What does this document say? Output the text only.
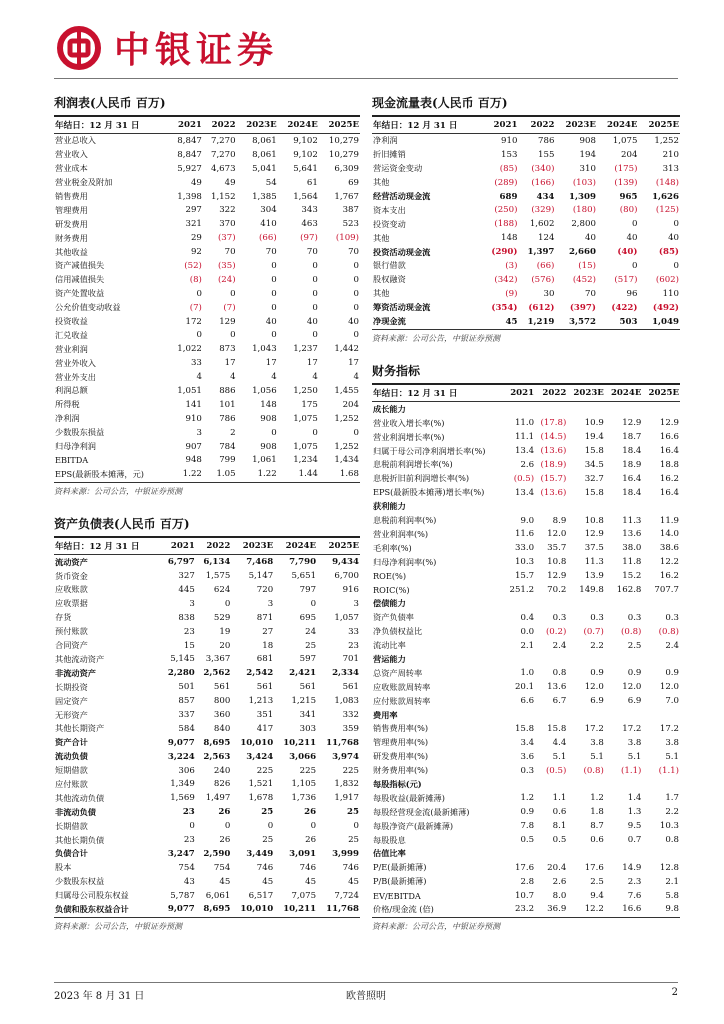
中银证券
利润表(人民币 百万)
年结日：12 月 31 日	2021	2022	2023E	2024E	2025E
营业总收入	8,847	7,270	8,061	9,102	10,279
营业收入	8,847	7,270	8,061	9,102	10,279
营业成本	5,927	4,673	5,041	5,641	6,309
营业税金及附加	49	49	54	61	69
销售费用	1,398	1,152	1,385	1,564	1,767
管理费用	297	322	304	343	387
研发费用	321	370	410	463	523
财务费用	29	(37)	(66)	(97)	(109)
其他收益	92	70	70	70	70
资产减值损失	(52)	(35)	0	0	0
信用减值损失	(8)	(24)	0	0	0
资产处置收益	0	0	0	0	0
公允价值变动收益	(7)	(7)	0	0	0
投资收益	172	129	40	40	40
汇兑收益	0	0	0	0	0
营业利润	1,022	873	1,043	1,237	1,442
营业外收入	33	17	17	17	17
营业外支出	4	4	4	4	4
利润总额	1,051	886	1,056	1,250	1,455
所得税	141	101	148	175	204
净利润	910	786	908	1,075	1,252
少数股东损益	3	2	0	0	0
归母净利润	907	784	908	1,075	1,252
EBITDA	948	799	1,061	1,234	1,434
EPS(最新股本摊薄，元)	1.22	1.05	1.22	1.44	1.68
资料来源：公司公告，中银证券预测
资产负债表(人民币 百万)
年结日：12 月 31 日	2021	2022	2023E	2024E	2025E
流动资产	6,797	6,134	7,468	7,790	9,434
货币资金	327	1,575	5,147	5,651	6,700
应收账款	445	624	720	797	916
应收票据	3	0	3	0	3
存货	838	529	871	695	1,057
预付账款	23	19	27	24	33
合同资产	15	20	18	25	23
其他流动资产	5,145	3,367	681	597	701
非流动资产	2,280	2,562	2,542	2,421	2,334
长期投资	501	561	561	561	561
固定资产	857	800	1,213	1,215	1,083
无形资产	337	360	351	341	332
其他长期资产	584	840	417	303	359
资产合计	9,077	8,695	10,010	10,211	11,768
流动负债	3,224	2,563	3,424	3,066	3,974
短期借款	306	240	225	225	225
应付账款	1,349	826	1,521	1,105	1,832
其他流动负债	1,569	1,497	1,678	1,736	1,917
非流动负债	23	26	25	26	25
长期借款	0	0	0	0	0
其他长期负债	23	26	25	26	25
负债合计	3,247	2,590	3,449	3,091	3,999
股本	754	754	746	746	746
少数股东权益	43	45	45	45	45
归属母公司股东权益	5,787	6,061	6,517	7,075	7,724
负债和股东权益合计	9,077	8,695	10,010	10,211	11,768
资料来源：公司公告，中银证券预测
现金流量表(人民币 百万)
年结日：12 月 31 日	2021	2022	2023E	2024E	2025E
净利润	910	786	908	1,075	1,252
折旧摊销	153	155	194	204	210
营运资金变动	(85)	(340)	310	(175)	313
其他	(289)	(166)	(103)	(139)	(148)
经营活动现金流	689	434	1,309	965	1,626
资本支出	(250)	(329)	(180)	(80)	(125)
投资变动	(188)	1,602	2,800	0	0
其他	148	124	40	40	40
投资活动现金流	(290)	1,397	2,660	(40)	(85)
银行借款	(3)	(66)	(15)	0	0
股权融资	(342)	(576)	(452)	(517)	(602)
其他	(9)	30	70	96	110
筹资活动现金流	(354)	(612)	(397)	(422)	(492)
净现金流	45	1,219	3,572	503	1,049
资料来源：公司公告，中银证券预测
财务指标
年结日：12 月 31 日	2021	2022	2023E	2024E	2025E
成长能力					
营业收入增长率(%)	11.0	(17.8)	10.9	12.9	12.9
营业利润增长率(%)	11.1	(14.5)	19.4	18.7	16.6
归属于母公司净利润增长率(%)	13.4	(13.6)	15.8	18.4	16.4
息税前利润增长率(%)	2.6	(18.9)	34.5	18.9	18.8
息税折旧前利润增长率(%)	(0.5)	(15.7)	32.7	16.4	16.2
EPS(最新股本摊薄)增长率(%)	13.4	(13.6)	15.8	18.4	16.4
获利能力					
息税前利润率(%)	9.0	8.9	10.8	11.3	11.9
营业利润率(%)	11.6	12.0	12.9	13.6	14.0
毛利率(%)	33.0	35.7	37.5	38.0	38.6
归母净利润率(%)	10.3	10.8	11.3	11.8	12.2
ROE(%)	15.7	12.9	13.9	15.2	16.2
ROIC(%)	251.2	70.2	149.8	162.8	707.7
偿债能力					
资产负债率	0.4	0.3	0.3	0.3	0.3
净负债权益比	0.0	(0.2)	(0.7)	(0.8)	(0.8)
流动比率	2.1	2.4	2.2	2.5	2.4
营运能力					
总资产周转率	1.0	0.8	0.9	0.9	0.9
应收账款周转率	20.1	13.6	12.0	12.0	12.0
应付账款周转率	6.6	6.7	6.9	6.9	7.0
费用率					
销售费用率(%)	15.8	15.8	17.2	17.2	17.2
管理费用率(%)	3.4	4.4	3.8	3.8	3.8
研发费用率(%)	3.6	5.1	5.1	5.1	5.1
财务费用率(%)	0.3	(0.5)	(0.8)	(1.1)	(1.1)
每股指标(元)					
每股收益(最新摊薄)	1.2	1.1	1.2	1.4	1.7
每股经营现金流(最新摊薄)	0.9	0.6	1.8	1.3	2.2
每股净资产(最新摊薄)	7.8	8.1	8.7	9.5	10.3
每股股息	0.5	0.5	0.6	0.7	0.8
估值比率					
P/E(最新摊薄)	17.6	20.4	17.6	14.9	12.8
P/B(最新摊薄)	2.8	2.6	2.5	2.3	2.1
EV/EBITDA	10.7	8.0	9.4	7.6	5.8
价格/现金流 (倍)	23.2	36.9	12.2	16.6	9.8
资料来源：公司公告，中银证券预测
2023 年 8 月 31 日	欧普照明	2
